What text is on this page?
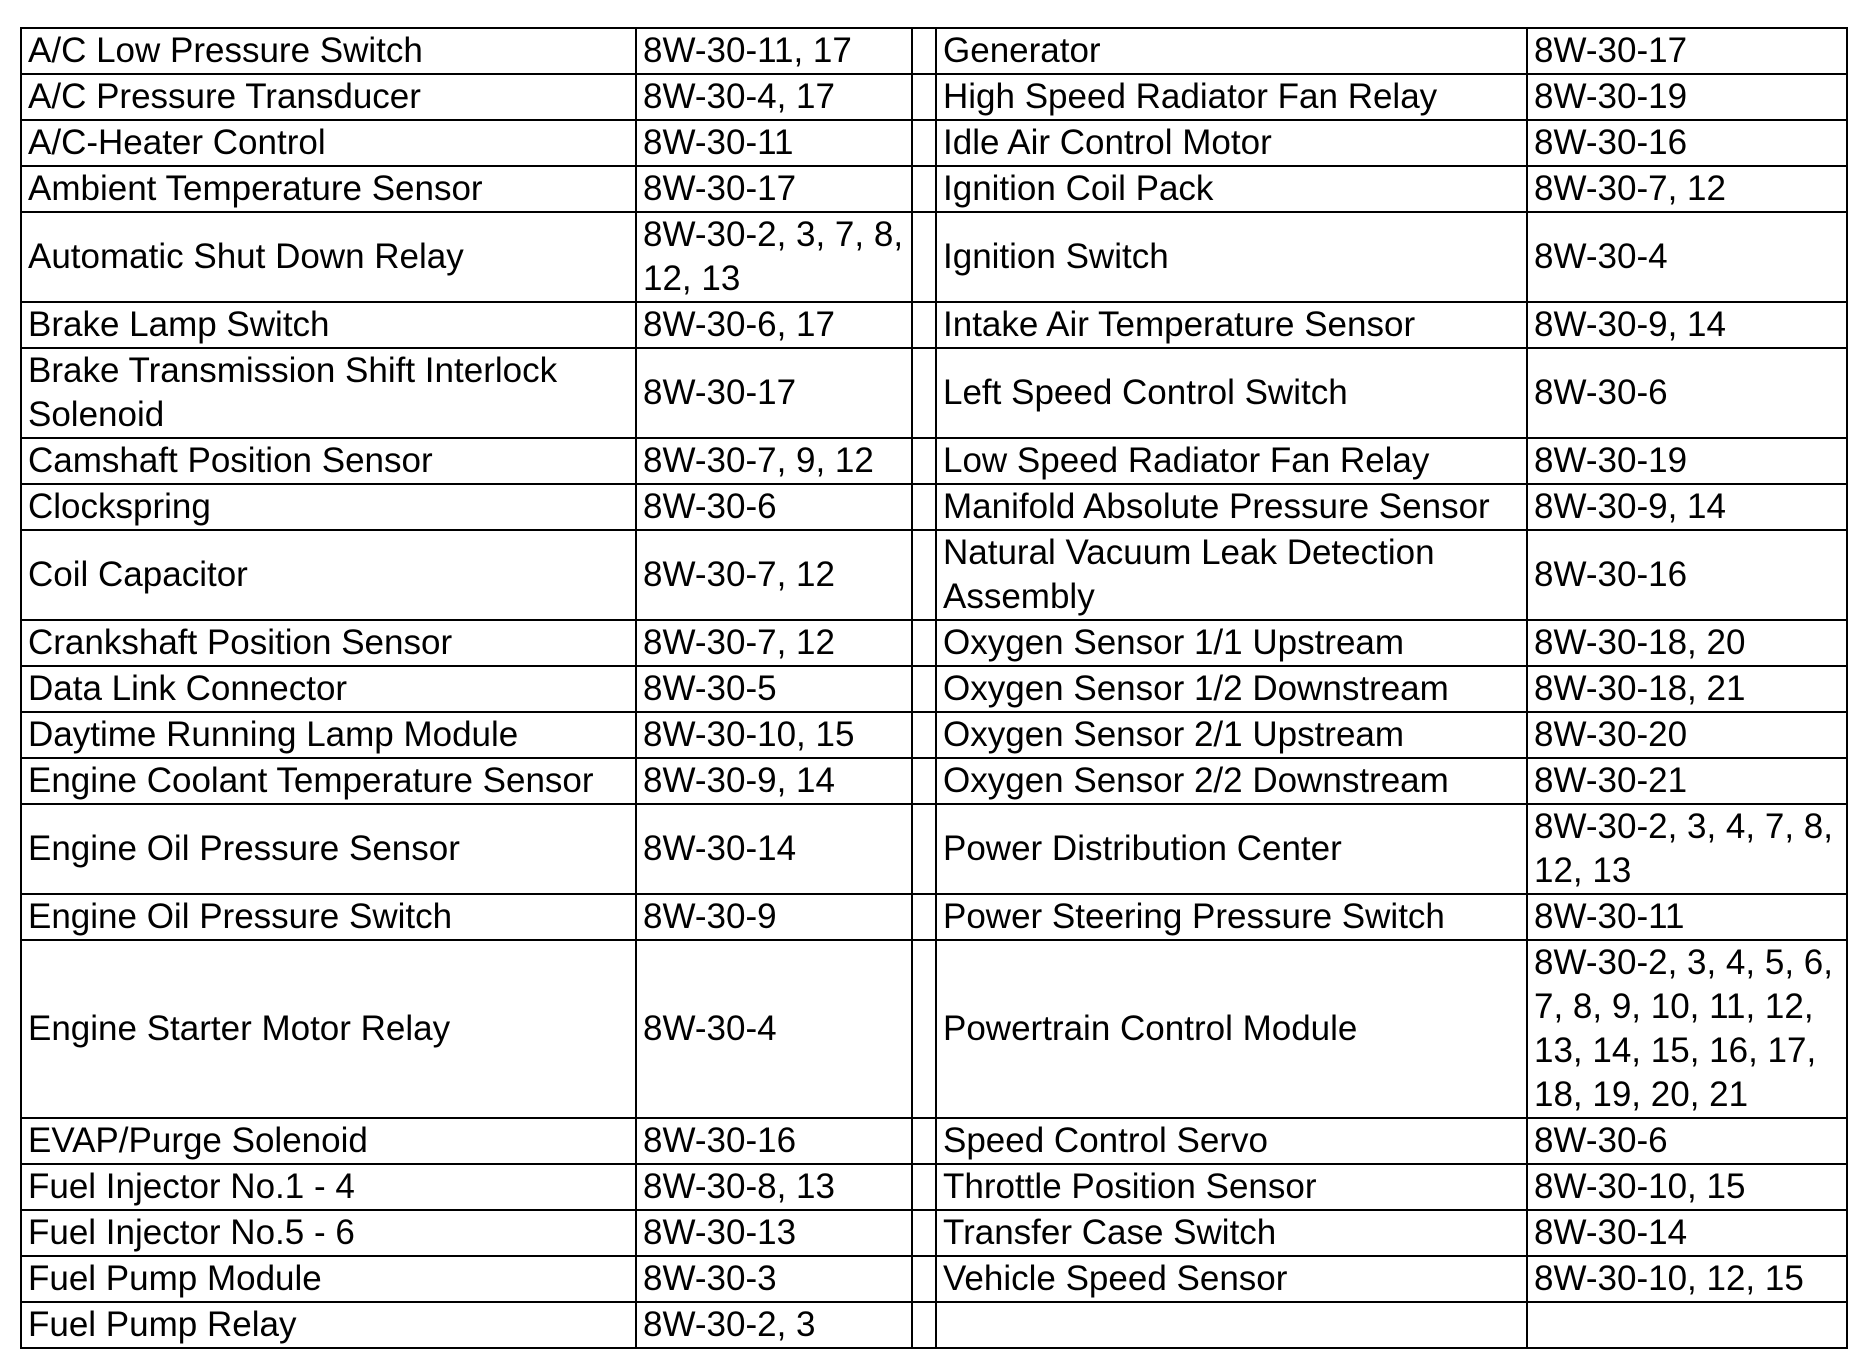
A/C Low Pressure Switch	8W-30-11, 17		Generator	8W-30-17
A/C Pressure Transducer	8W-30-4, 17		High Speed Radiator Fan Relay	8W-30-19
A/C-Heater Control	8W-30-11		Idle Air Control Motor	8W-30-16
Ambient Temperature Sensor	8W-30-17		Ignition Coil Pack	8W-30-7, 12
Automatic Shut Down Relay	8W-30-2, 3, 7, 8, 12, 13		Ignition Switch	8W-30-4
Brake Lamp Switch	8W-30-6, 17		Intake Air Temperature Sensor	8W-30-9, 14
Brake Transmission Shift Interlock Solenoid	8W-30-17		Left Speed Control Switch	8W-30-6
Camshaft Position Sensor	8W-30-7, 9, 12		Low Speed Radiator Fan Relay	8W-30-19
Clockspring	8W-30-6		Manifold Absolute Pressure Sensor	8W-30-9, 14
Coil Capacitor	8W-30-7, 12		Natural Vacuum Leak Detection Assembly	8W-30-16
Crankshaft Position Sensor	8W-30-7, 12		Oxygen Sensor 1/1 Upstream	8W-30-18, 20
Data Link Connector	8W-30-5		Oxygen Sensor 1/2 Downstream	8W-30-18, 21
Daytime Running Lamp Module	8W-30-10, 15		Oxygen Sensor 2/1 Upstream	8W-30-20
Engine Coolant Temperature Sensor	8W-30-9, 14		Oxygen Sensor 2/2 Downstream	8W-30-21
Engine Oil Pressure Sensor	8W-30-14		Power Distribution Center	8W-30-2, 3, 4, 7, 8, 12, 13
Engine Oil Pressure Switch	8W-30-9		Power Steering Pressure Switch	8W-30-11
Engine Starter Motor Relay	8W-30-4		Powertrain Control Module	8W-30-2, 3, 4, 5, 6, 7, 8, 9, 10, 11, 12, 13, 14, 15, 16, 17, 18, 19, 20, 21
EVAP/Purge Solenoid	8W-30-16		Speed Control Servo	8W-30-6
Fuel Injector No.1 - 4	8W-30-8, 13		Throttle Position Sensor	8W-30-10, 15
Fuel Injector No.5 - 6	8W-30-13		Transfer Case Switch	8W-30-14
Fuel Pump Module	8W-30-3		Vehicle Speed Sensor	8W-30-10, 12, 15
Fuel Pump Relay	8W-30-2, 3			
